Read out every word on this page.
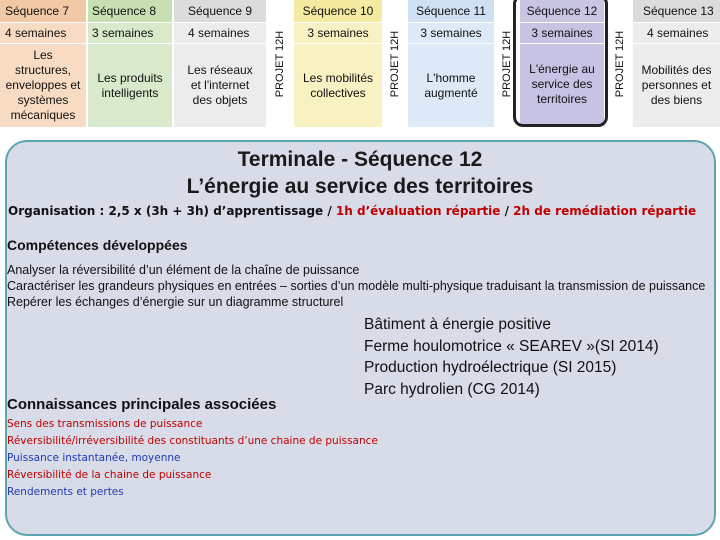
Séquence 7
4 semaines
Les structures, enveloppes et systèmes mécaniques
Séquence 8
3 semaines
Les produits intelligents
Séquence 9
4 semaines
Les réseaux et l'internet des objets
PROJET 12H
Séquence 10
3 semaines
Les mobilités collectives	PROJET 12H
Séquence 11
3 semaines
L'homme augmenté	PROJET 12H
Séquence 12
3 semaines
L'énergie au service des territoires
PROJET 12H
Séquence 13
4 semaines
Mobilités des personnes et des biens
Terminale - Séquence 12
L’énergie au service des territoires
Organisation : 2,5 x (3h + 3h) d’apprentissage / 1h d’évaluation répartie / 2h de remédiation répartie
Compétences développées
Analyser la réversibilité d’un élément de la chaîne de puissance
Caractériser les grandeurs physiques en entrées – sorties d’un modèle multi-physique traduisant la transmission de puissance
Repérer les échanges d’énergie sur un diagramme structurel
Bâtiment à énergie positive
Ferme houlomotrice « SEAREV »(SI 2014)
Production hydroélectrique (SI 2015)
Parc hydrolien (CG 2014)
Connaissances principales associées
Sens des transmissions de puissance
Réversibilité/irréversibilité des constituants d’une chaine de puissance
Puissance instantanée, moyenne
Réversibilité de la chaine de puissance
Rendements et pertes
